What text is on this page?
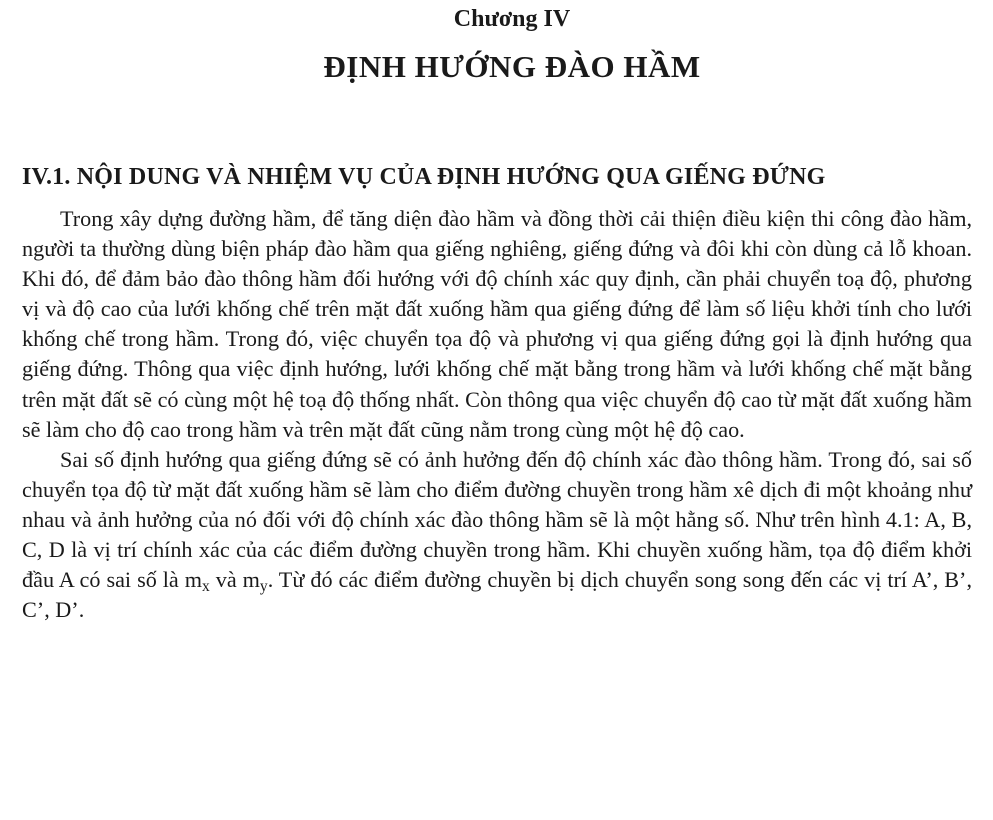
Chương IV
ĐỊNH HƯỚNG ĐÀO HẦM
IV.1. NỘI DUNG VÀ NHIỆM VỤ CỦA ĐỊNH HƯỚNG QUA GIẾNG ĐỨNG

Trong xây dựng đường hầm, để tăng diện đào hầm và đồng thời cải thiện điều kiện thi công đào hầm, người ta thường dùng biện pháp đào hầm qua giếng nghiêng, giếng đứng và đôi khi còn dùng cả lỗ khoan. Khi đó, để đảm bảo đào thông hầm đối hướng với độ chính xác quy định, cần phải chuyển toạ độ, phương vị và độ cao của lưới khống chế trên mặt đất xuống hầm qua giếng đứng để làm số liệu khởi tính cho lưới khống chế trong hầm. Trong đó, việc chuyển tọa độ và phương vị qua giếng đứng gọi là định hướng qua giếng đứng. Thông qua việc định hướng, lưới khống chế mặt bằng trong hầm và lưới khống chế mặt bằng trên mặt đất sẽ có cùng một hệ toạ độ thống nhất. Còn thông qua việc chuyển độ cao từ mặt đất xuống hầm sẽ làm cho độ cao trong hầm và trên mặt đất cũng nằm trong cùng một hệ độ cao.

Sai số định hướng qua giếng đứng sẽ có ảnh hưởng đến độ chính xác đào thông hầm. Trong đó, sai số chuyển tọa độ từ mặt đất xuống hầm sẽ làm cho điểm đường chuyền trong hầm xê dịch đi một khoảng như nhau và ảnh hưởng của nó đối với độ chính xác đào thông hầm sẽ là một hằng số. Như trên hình 4.1: A, B, C, D là vị trí chính xác của các điểm đường chuyền trong hầm. Khi chuyền xuống hầm, tọa độ điểm khởi đầu A có sai số là $m_x$ và $m_y$. Từ đó các điểm đường chuyền bị dịch chuyển song song đến các vị trí A’, B’, C’, D’.
